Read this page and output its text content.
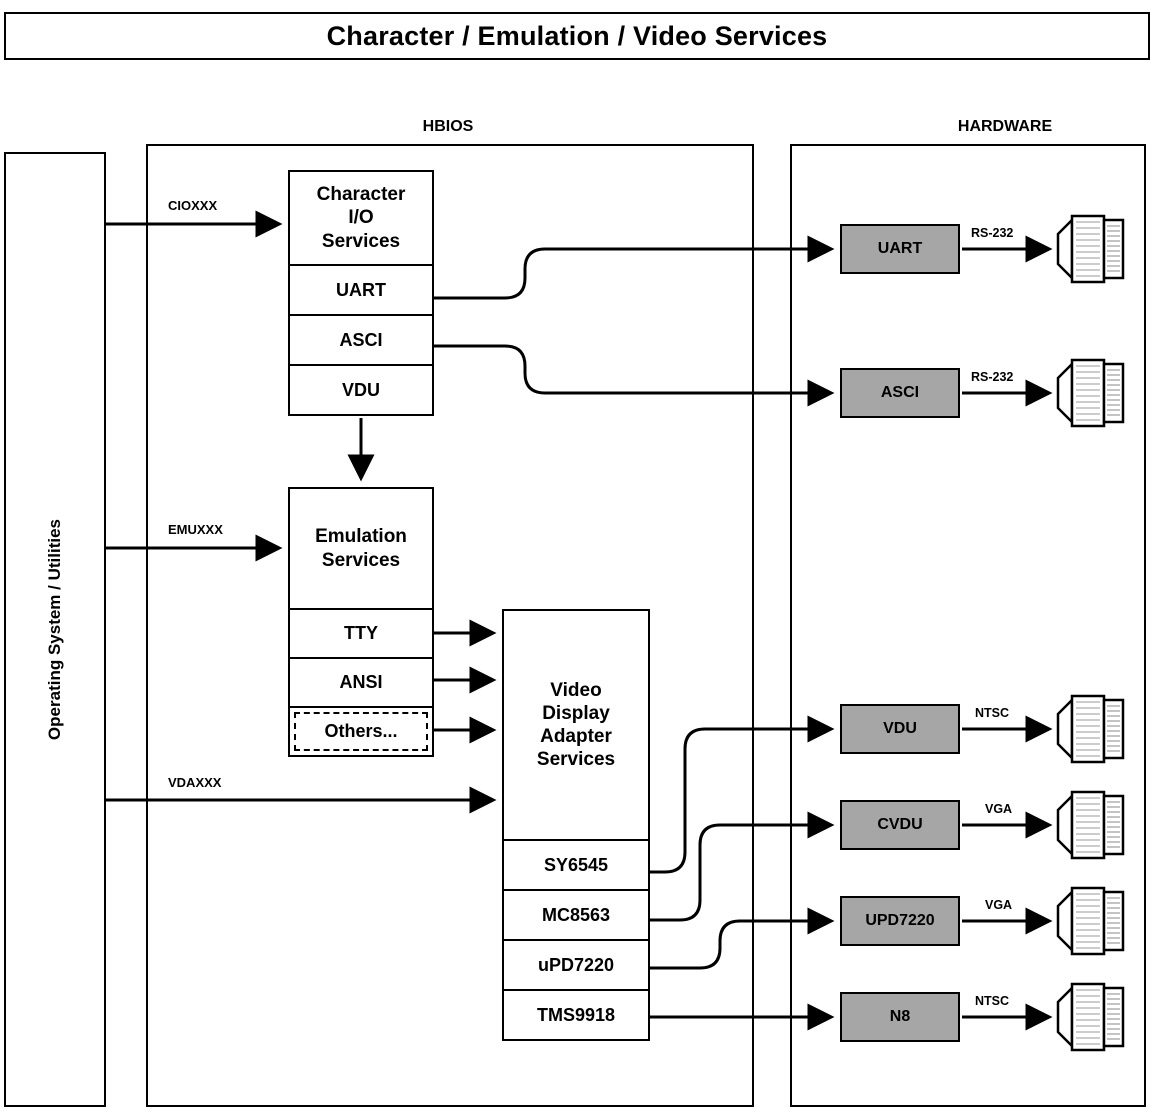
Character / Emulation / Video Services
HBIOS	HARDWARE
Operating System / Utilities
Character
I/O
Services
UART
ASCI
VDU
Emulation
Services
TTY
ANSI
Others...
Video
Display
Adapter
Services
SY6545
MC8563
uPD7220
TMS9918
UART
ASCI
VDU
CVDU
UPD7220
N8
RS-232
RS-232
NTSC
VGA
VGA
NTSC
CIOXXX
EMUXXX
VDAXXX
